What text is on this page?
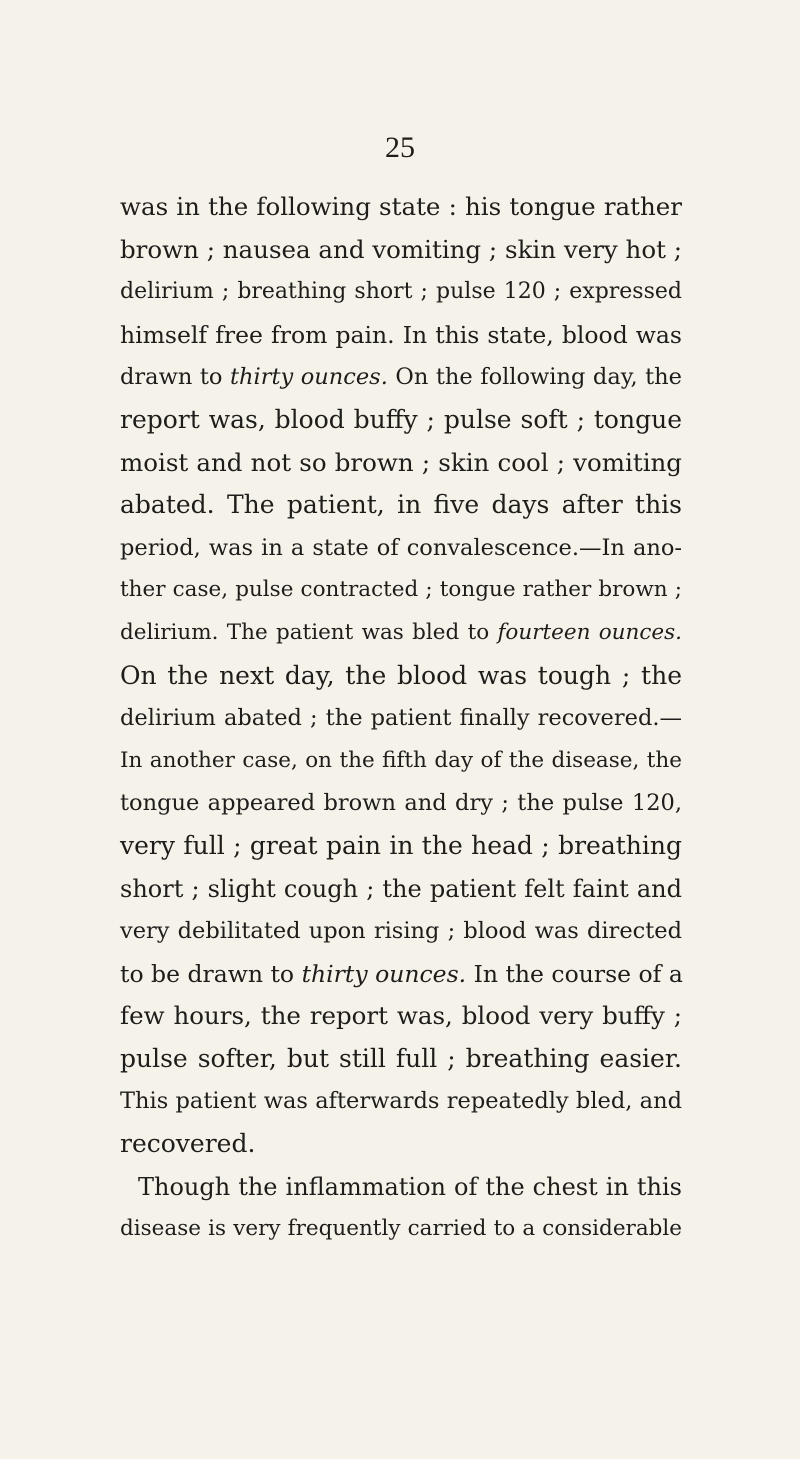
25
was in the following state : his tongue rather
brown ; nausea and vomiting ; skin very hot ;
delirium ; breathing short ; pulse 120 ; expressed
himself free from pain. In this state, blood was
drawn to thirty ounces. On the following day, the
report was, blood buffy ; pulse soft ; tongue
moist and not so brown ; skin cool ; vomiting
abated. The patient, in five days after this
period, was in a state of convalescence.—In ano-
ther case, pulse contracted ; tongue rather brown ;
delirium. The patient was bled to fourteen ounces.
On the next day, the blood was tough ; the
delirium abated ; the patient finally recovered.—
In another case, on the fifth day of the disease, the
tongue appeared brown and dry ; the pulse 120,
very full ; great pain in the head ; breathing
short ; slight cough ; the patient felt faint and
very debilitated upon rising ; blood was directed
to be drawn to thirty ounces. In the course of a
few hours, the report was, blood very buffy ;
pulse softer, but still full ; breathing easier.
This patient was afterwards repeatedly bled, and
recovered.
Though the inflammation of the chest in this
disease is very frequently carried to a considerable
